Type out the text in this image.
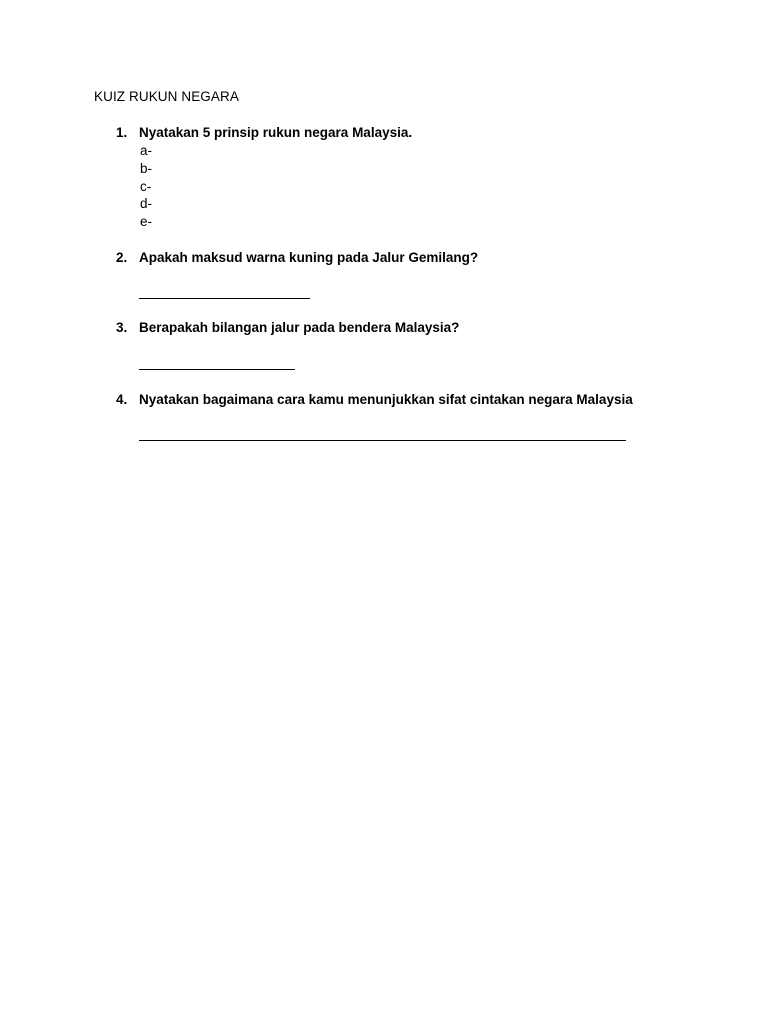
KUIZ RUKUN NEGARA
1. Nyatakan 5 prinsip rukun negara Malaysia.
a-
b-
c-
d-
e-
2. Apakah maksud warna kuning pada Jalur Gemilang?
3. Berapakah bilangan jalur pada bendera Malaysia?
4. Nyatakan bagaimana cara kamu menunjukkan sifat cintakan negara Malaysia
